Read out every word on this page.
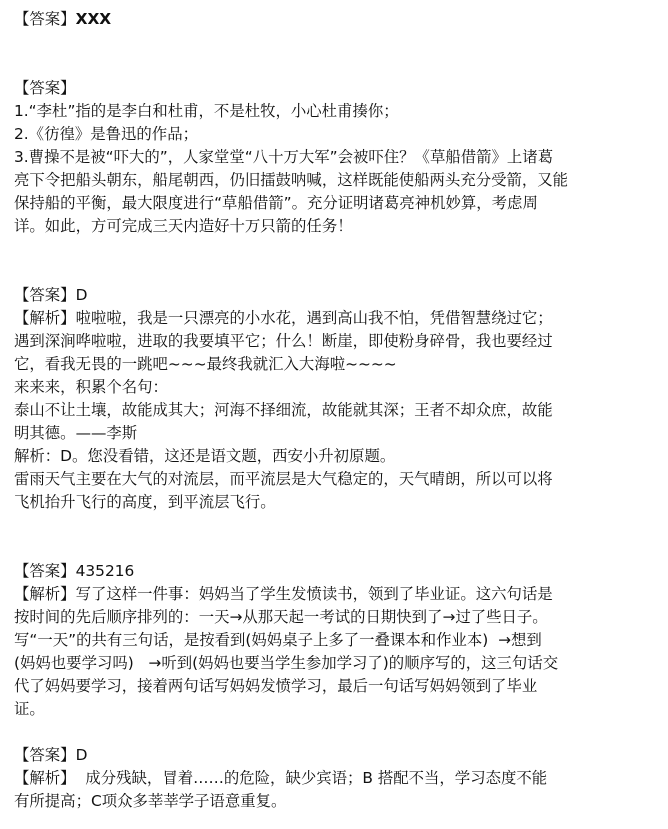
【答案】XXX

【答案】

1.“李杜”指的是李白和杜甫，不是杜牧，小心杜甫揍你；

2.《彷徨》是鲁迅的作品；

3.曹操不是被“吓大的”，人家堂堂“八十万大军”会被吓住？《草船借箭》上诸葛

亮下令把船头朝东，船尾朝西，仍旧擂鼓呐喊，这样既能使船两头充分受箭，又能

保持船的平衡，最大限度进行“草船借箭”。充分证明诸葛亮神机妙算，考虑周

详。如此，方可完成三天内造好十万只箭的任务！

【答案】D

【解析】啦啦啦，我是一只漂亮的小水花，遇到高山我不怕，凭借智慧绕过它；

遇到深涧哗啦啦，进取的我要填平它；什么！断崖，即使粉身碎骨，我也要经过

它，看我无畏的一跳吧~~~最终我就汇入大海啦~~~~

来来来，积累个名句：

泰山不让土壤，故能成其大；河海不择细流，故能就其深；王者不却众庶，故能

明其德。——李斯

解析：D。您没看错，这还是语文题，西安小升初原题。

雷雨天气主要在大气的对流层，而平流层是大气稳定的，天气晴朗，所以可以将

飞机抬升飞行的高度，到平流层飞行。

【答案】435216

【解析】写了这样一件事：妈妈当了学生发愤读书，领到了毕业证。这六句话是

按时间的先后顺序排列的：一天→从那天起一考试的日期快到了→过了些日子。

写“一天”的共有三句话，是按看到(妈妈桌子上多了一叠课本和作业本)  →想到

(妈妈也要学习吗)   →听到(妈妈也要当学生参加学习了)的顺序写的，这三句话交

代了妈妈要学习，接着两句话写妈妈发愤学习，最后一句话写妈妈领到了毕业

证。

【答案】D

【解析】  成分残缺，冒着……的危险，缺少宾语；B 搭配不当，学习态度不能

有所提高；C项众多莘莘学子语意重复。
